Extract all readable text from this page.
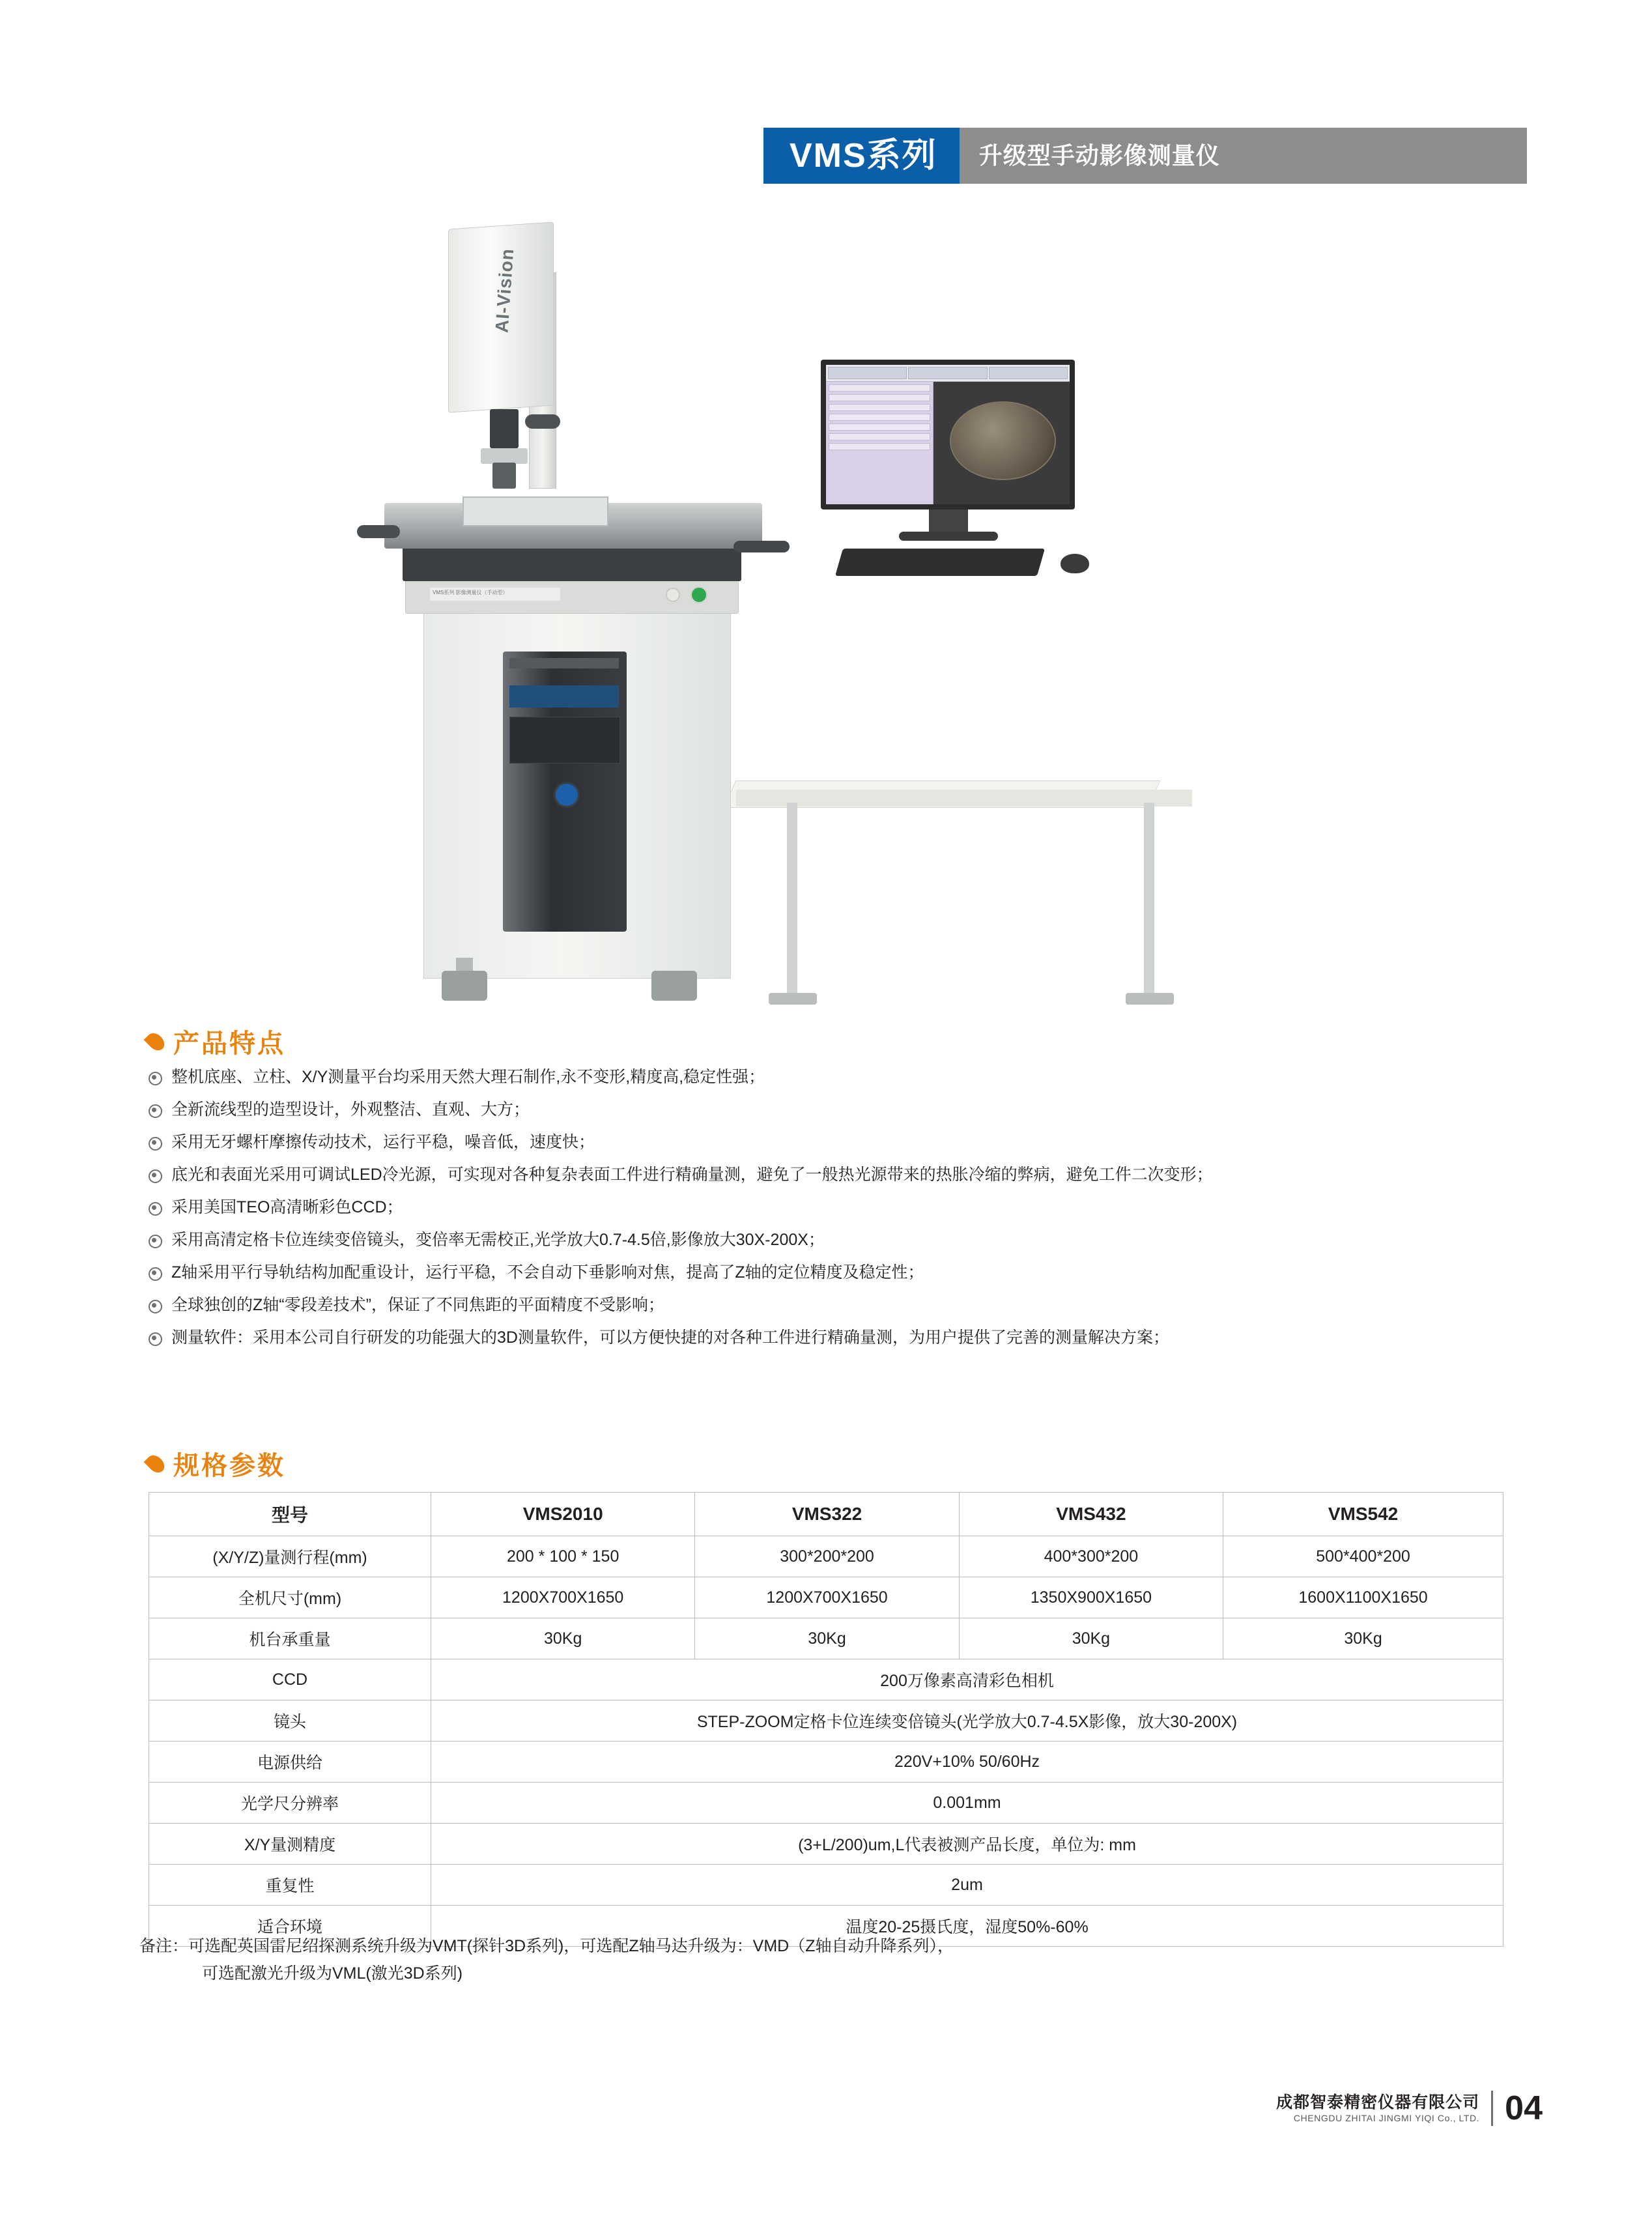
VMS系列	升级型手动影像测量仪
VMS系列 影像测量仪（手动型）
AI-Vision
产品特点
整机底座、立柱、X/Y测量平台均采用天然大理石制作,永不变形,精度高,稳定性强；
全新流线型的造型设计，外观整洁、直观、大方；
采用无牙螺杆摩擦传动技术，运行平稳，噪音低，速度快；
底光和表面光采用可调试LED冷光源，可实现对各种复杂表面工件进行精确量测，避免了一般热光源带来的热胀冷缩的弊病，避免工件二次变形；
采用美国TEO高清晰彩色CCD；
采用高清定格卡位连续变倍镜头，变倍率无需校正,光学放大0.7-4.5倍,影像放大30X-200X；
Z轴采用平行导轨结构加配重设计，运行平稳，不会自动下垂影响对焦，提高了Z轴的定位精度及稳定性；
全球独创的Z轴“零段差技术”，保证了不同焦距的平面精度不受影响；
测量软件：采用本公司自行研发的功能强大的3D测量软件，可以方便快捷的对各种工件进行精确量测，为用户提供了完善的测量解决方案；
规格参数
型号	VMS2010	VMS322	VMS432	VMS542
(X/Y/Z)量测行程(mm)	200 * 100 * 150	300*200*200	400*300*200	500*400*200
全机尺寸(mm)	1200X700X1650	1200X700X1650	1350X900X1650	1600X1100X1650
机台承重量	30Kg	30Kg	30Kg	30Kg
CCD	200万像素高清彩色相机			
镜头	STEP-ZOOM定格卡位连续变倍镜头(光学放大0.7-4.5X影像，放大30-200X)			
电源供给	220V+10% 50/60Hz			
光学尺分辨率	0.001mm			
X/Y量测精度	(3+L/200)um,L代表被测产品长度，单位为: mm			
重复性	2um			
适合环境	温度20-25摄氏度，湿度50%-60%			
备注：可选配英国雷尼绍探测系统升级为VMT(探针3D系列)，可选配Z轴马达升级为：VMD（Z轴自动升降系列），
可选配激光升级为VML(激光3D系列)
成都智泰精密仪器有限公司
CHENGDU ZHITAI JINGMI YIQI Co., LTD. 04
